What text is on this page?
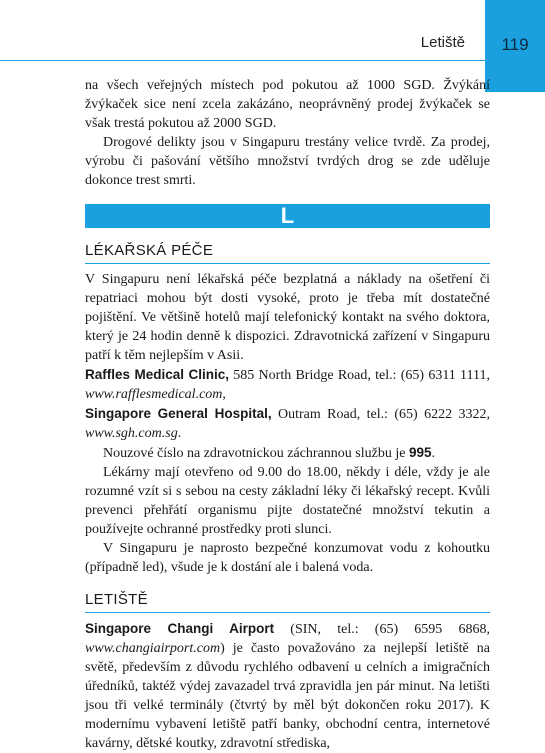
Letiště	119

na všech veřejných místech pod pokutou až 1000 SGD. Žvýkání žvýkaček sice není zcela zakázáno, neoprávněný prodej žvýkaček se však trestá pokutou až 2000 SGD.

Drogové delikty jsou v Singapuru trestány velice tvrdě. Za prodej, výrobu či pašování většího množství tvrdých drog se zde uděluje dokonce trest smrti.

L
LÉKAŘSKÁ PÉČE

V Singapuru není lékařská péče bezplatná a náklady na ošetření či repatriaci mohou být dosti vysoké, proto je třeba mít dostatečné pojištění. Ve většině hotelů mají telefonický kontakt na svého doktora, který je 24 hodin denně k dispozici. Zdravotnická zařízení v Singapuru patří k těm nejlepším v Asii.

Raffles Medical Clinic, 585 North Bridge Road, tel.: (65) 6311 1111, www.rafflesmedical.com,

Singapore General Hospital, Outram Road, tel.: (65) 6222 3322, www.sgh.com.sg.

Nouzové číslo na zdravotnickou záchrannou službu je 995.

Lékárny mají otevřeno od 9.00 do 18.00, někdy i déle, vždy je ale rozumné vzít si s sebou na cesty základní léky či lékařský recept. Kvůli prevenci přehřátí organismu pijte dostatečné množství tekutin a používejte ochranné prostředky proti slunci.

V Singapuru je naprosto bezpečné konzumovat vodu z kohoutku (případně led), všude je k dostání ale i balená voda.

LETIŠTĚ

Singapore Changi Airport (SIN, tel.: (65) 6595 6868, www.changiairport.com) je často považováno za nejlepší letiště na světě, především z důvodu rychlého odbavení u celních a imigračních úředníků, taktéž výdej zavazadel trvá zpravidla jen pár minut. Na letišti jsou tři velké terminály (čtvrtý by měl být dokončen roku 2017). K modernímu vybavení letiště patří banky, obchodní centra, internetové kavárny, dětské koutky, zdravotní střediska,
